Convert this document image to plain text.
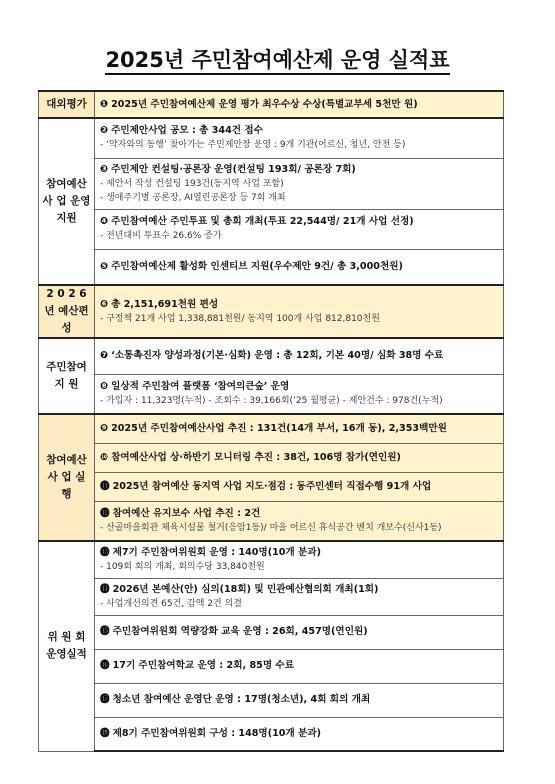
2025년 주민참여예산제 운영 실적표
대외평가	❶ 2025년 주민참여예산제 운영 평가 최우수상 수상(특별교부세 5천만 원)

참여예산 사 업 운영지원	❷ 주민제안사업 공모 : 총 344건 접수
- ‘약자와의 동행’ 찾아가는 주민제안장 운영 : 9개 기관(어르신, 청년, 안전 등)

	❸ 주민제안 컨설팅·공론장 운영(컨설팅 193회/ 공론장 7회)
- 제안서 작성 컨설팅 193건(동지역 사업 포함)
- 생애주기별 공론장, AI열린공론장 등 7회 개최

	❹ 주민참여예산 주민투표 및 총회 개최(투표 22,544명/ 21개 사업 선정)
- 전년대비 투표수 26.6% 증가

	❺ 주민참여예산제 활성화 인센티브 지원(우수제안 9건/ 총 3,000천원)

2 0 2 6 년 예산편성	❻ 총 2,151,691천원 편성
- 구정책 21개 사업 1,338,881천원/ 동지역 100개 사업 812,810천원

주민참여 지 원	❼ ‘소통촉진자 양성과정(기본·심화) 운영 : 총 12회, 기본 40명/ 심화 38명 수료

	❽ 일상적 주민참여 플랫폼 ‘참여의큰숲’ 운영
- 가입자 : 11,323명(누적) - 조회수 : 39,166회(’25 월평균) - 제안건수 : 978건(누적)

참여예산 사 업 실 행	❾ 2025년 주민참여예산사업 추진 : 131건(14개 부서, 16개 동), 2,353백만원

	❿ 참여예산사업 상·하반기 모니터링 추진 : 38건, 106명 참가(연인원)

	⓫ 2025년 참여예산 동지역 사업 지도·점검 : 동주민센터 직접수행 91개 사업

	⓬ 참여예산 유지보수 사업 추진 : 2건
- 산골마을회관 체육시설물 철거(응암1동)/ 마을 어르신 휴식공간 벤치 개보수(신사1동)

위 원 회 운영실적	⓭ 제7기 주민참여위원회 운영 : 140명(10개 분과)
- 109회 회의 개최, 회의수당 33,840천원

	⓮ 2026년 본예산(안) 심의(18회) 및 민관예산협의회 개최(1회)
- 사업개선의견 65건, 감액 2건 의결

	⓯ 주민참여위원회 역량강화 교육 운영 : 26회, 457명(연인원)

	⓰ 17기 주민참여학교 운영 : 2회, 85명 수료

	⓱ 청소년 참여예산 운영단 운영 : 17명(청소년), 4회 회의 개최

	⓲ 제8기 주민참여위원회 구성 : 148명(10개 분과)
